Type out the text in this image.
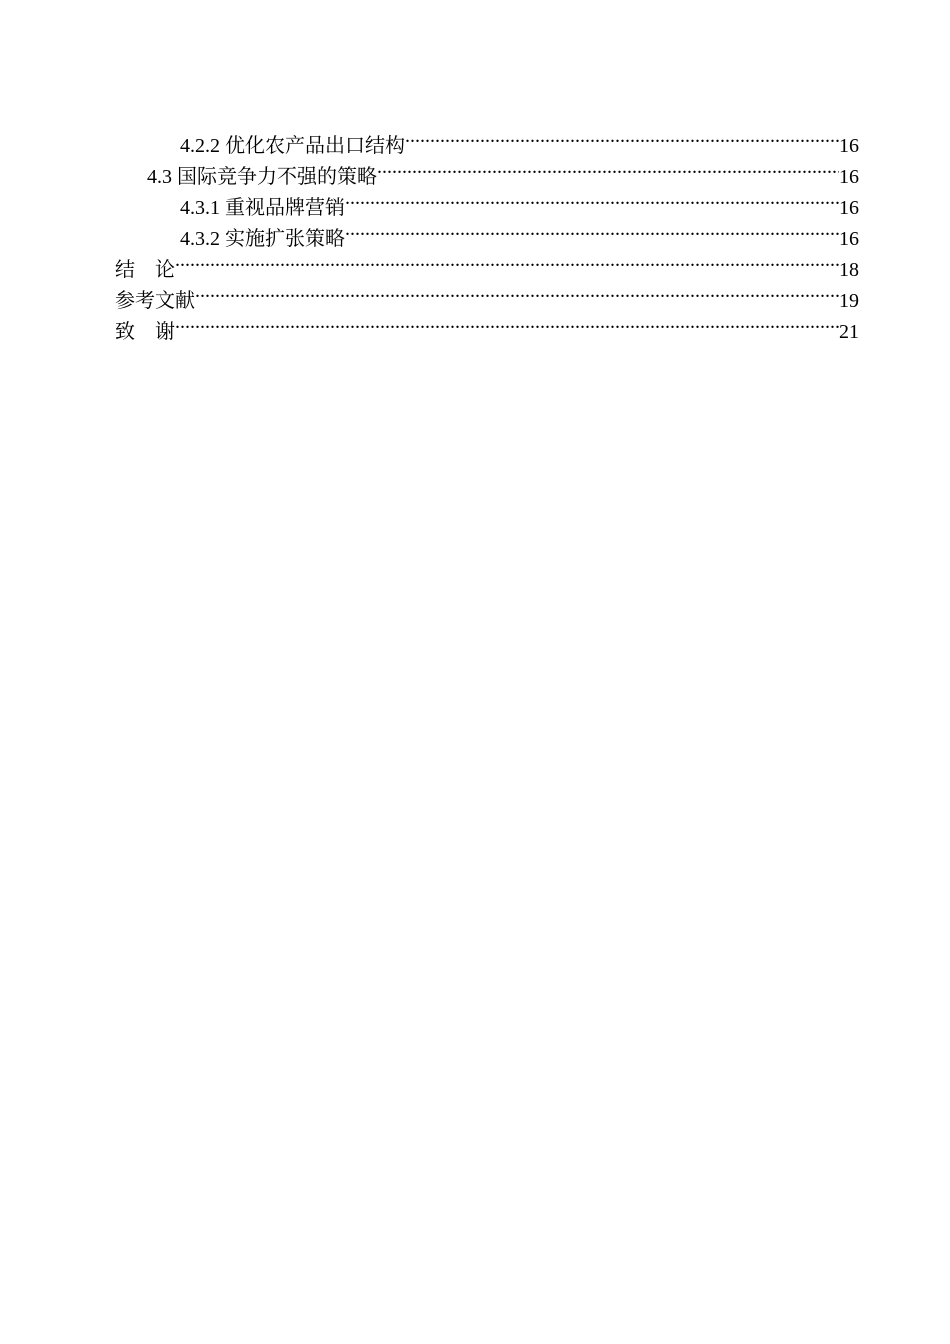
4.2.2 优化农产品出口结构 .....	16
4.3 国际竞争力不强的策略 .....	16
4.3.1 重视品牌营销 .....	16
4.3.2 实施扩张策略 .....	16
结　论 .....	18
参考文献 .....	19
致　谢 .....	21
